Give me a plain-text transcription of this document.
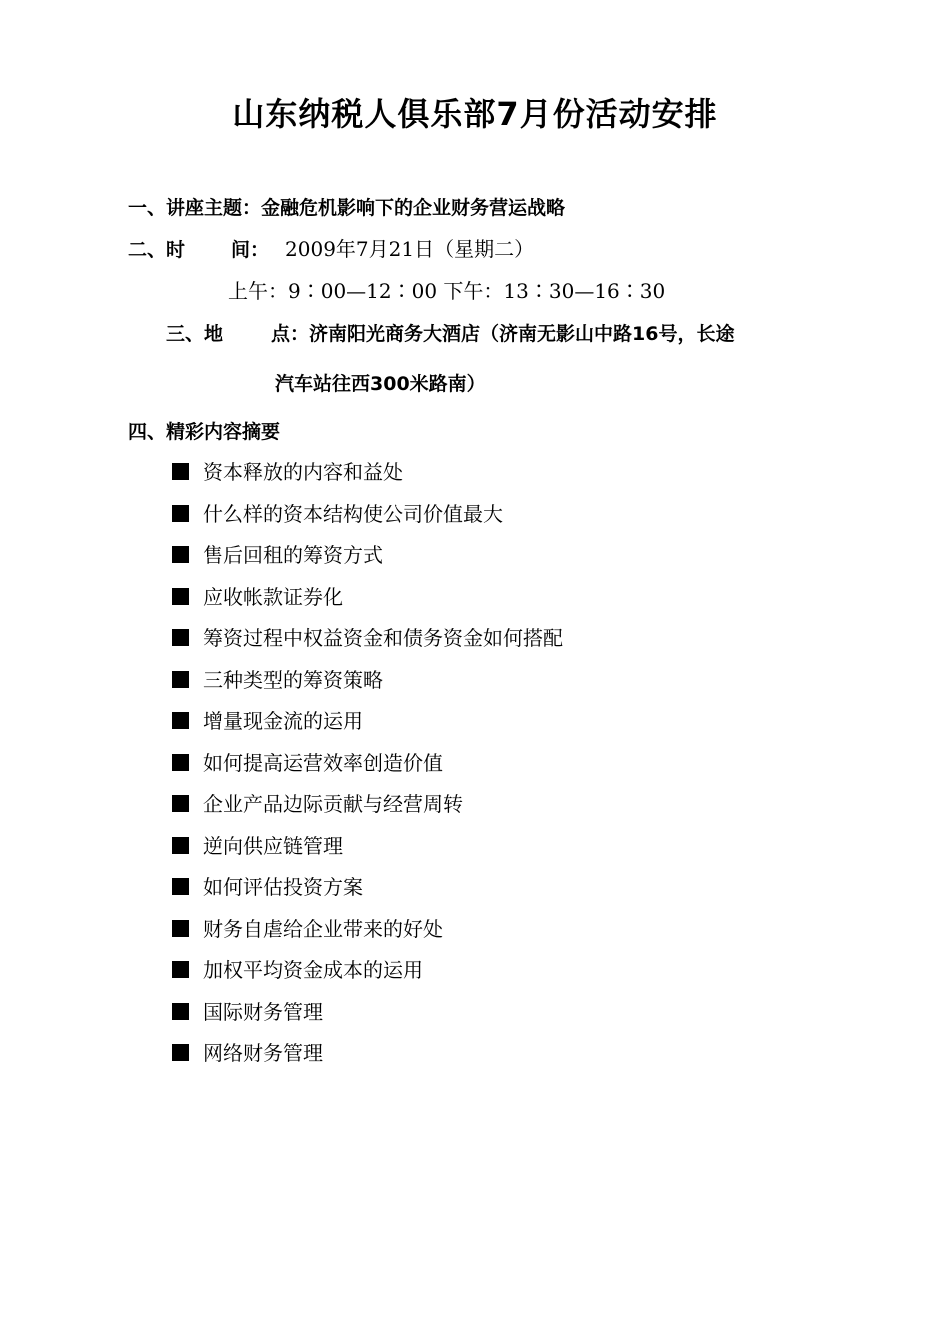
山东纳税人俱乐部7月份活动安排
一、讲座主题：金融危机影响下的企业财务营运战略
二、时 间： 2009年7月21日（星期二）
上午：9∶00—12∶00 下午：13∶30—16∶30
三、地	点：济南阳光商务大酒店（济南无影山中路16号，长途
汽车站往西300米路南）
四、精彩内容摘要
资本释放的内容和益处
什么样的资本结构使公司价值最大
售后回租的筹资方式
应收帐款证券化
筹资过程中权益资金和债务资金如何搭配
三种类型的筹资策略
增量现金流的运用
如何提高运营效率创造价值
企业产品边际贡献与经营周转
逆向供应链管理
如何评估投资方案
财务自虐给企业带来的好处
加权平均资金成本的运用
国际财务管理
网络财务管理
